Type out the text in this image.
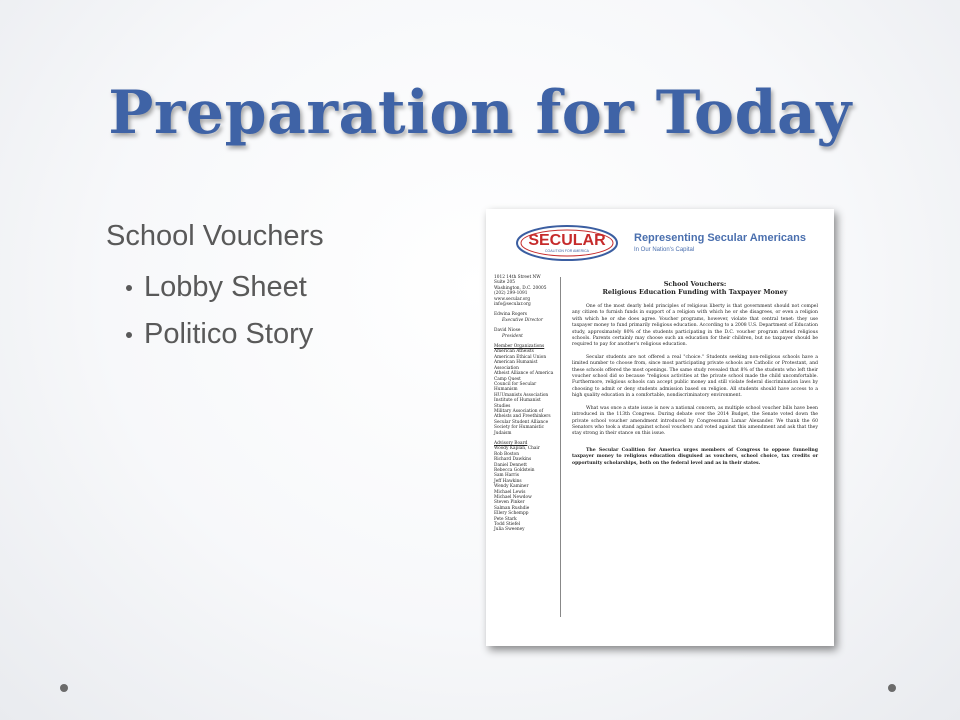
Preparation for Today
School Vouchers
Lobby Sheet
Politico Story
SECULAR
COALITION FOR AMERICA
Representing Secular Americans
In Our Nation's Capital
1012 14th Street NW
Suite 205
Washington, D.C. 20005
(202) 299-1091
www.secular.org
info@secular.org
Edwina Rogers
Executive Director
David Niose
President
Member Organizations
American Atheists
American Ethical Union
American Humanist Association
Atheist Alliance of America
Camp Quest
Council for Secular Humanism
HUUmanists Association
Institute of Humanist Studies
Military Association of Atheists and Freethinkers
Secular Student Alliance
Society for Humanistic Judaism
Advisory Board
Woody Kaplan, Chair
Rob Boston
Richard Dawkins
Daniel Dennett
Rebecca Goldstein
Sam Harris
Jeff Hawkins
Wendy Kaminer
Michael Lewis
Michael Newdow
Steven Pinker
Salman Rushdie
Ellery Schempp
Pete Stark
Todd Stiefel
Julia Sweeney
School Vouchers:
Religious Education Funding with Taxpayer Money

One of the most dearly held principles of religious liberty is that government should not compel any citizen to furnish funds in support of a religion with which he or she disagrees, or even a religion with which he or she does agree. Voucher programs, however, violate that central tenet: they use taxpayer money to fund primarily religious education. According to a 2008 U.S. Department of Education study, approximately 80% of the students participating in the D.C. voucher program attend religious schools. Parents certainly may choose such an education for their children, but no taxpayer should be required to pay for another's religious education.

Secular students are not offered a real "choice." Students seeking non-religious schools have a limited number to choose from, since most participating private schools are Catholic or Protestant, and these schools offered the most openings. The same study revealed that 8% of the students who left their voucher school did so because "religious activities at the private school made the child uncomfortable. Furthermore, religious schools can accept public money and still violate federal discrimination laws by choosing to admit or deny students admission based on religion. All students should have access to a high quality education in a comfortable, nondiscriminatory environment.

What was once a state issue is now a national concern, as multiple school voucher bills have been introduced in the 113th Congress. During debate over the 2014 Budget, the Senate voted down the private school voucher amendment introduced by Congressman Lamar Alexander. We thank the 60 Senators who took a stand against school vouchers and voted against this amendment and ask that they stay strong in their stance on this issue.

The Secular Coalition for America urges members of Congress to oppose funneling taxpayer money to religious education disguised as vouchers, school choice, tax credits or opportunity scholarships, both on the federal level and as in their states.
